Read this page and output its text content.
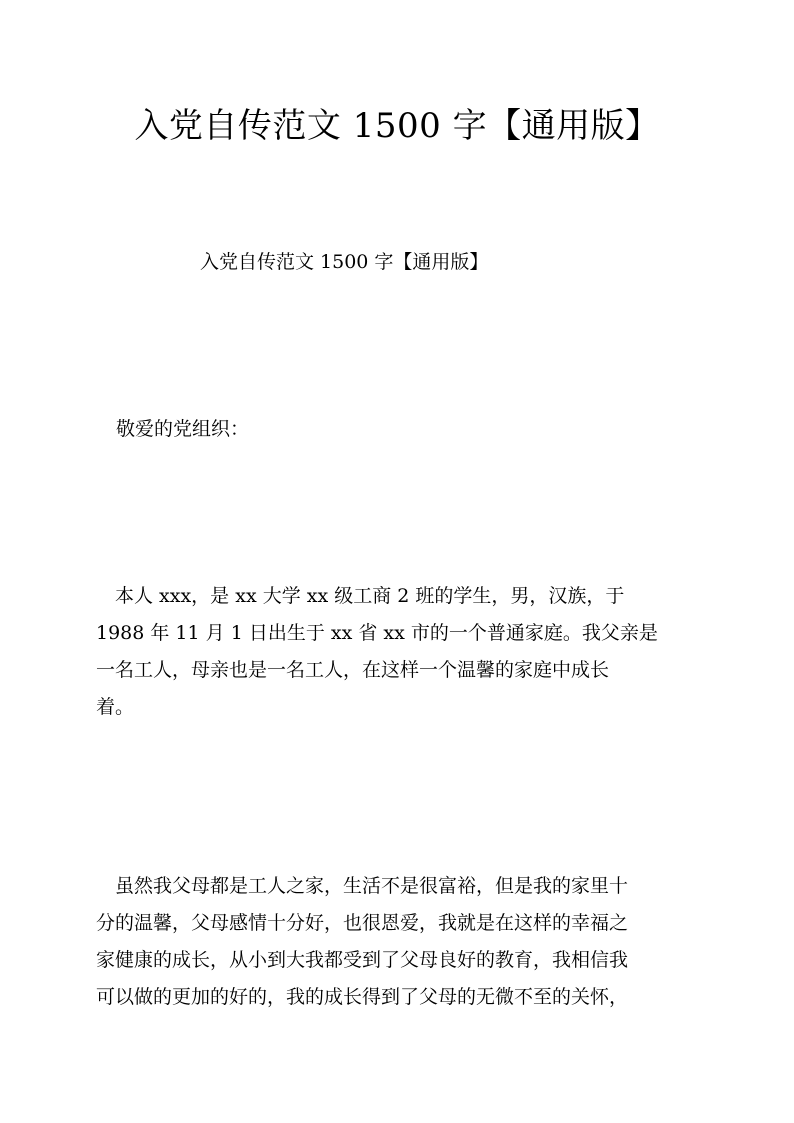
入党自传范文 1500 字【通用版】
入党自传范文 1500 字【通用版】

敬爱的党组织：

本人 xxx，是 xx 大学 xx 级工商 2 班的学生，男，汉族，于
1988 年 11 月 1 日出生于 xx 省 xx 市的一个普通家庭。我父亲是
一名工人，母亲也是一名工人，在这样一个温馨的家庭中成长
着。

虽然我父母都是工人之家，生活不是很富裕，但是我的家里十
分的温馨，父母感情十分好，也很恩爱，我就是在这样的幸福之
家健康的成长，从小到大我都受到了父母良好的教育，我相信我
可以做的更加的好的，我的成长得到了父母的无微不至的关怀，
